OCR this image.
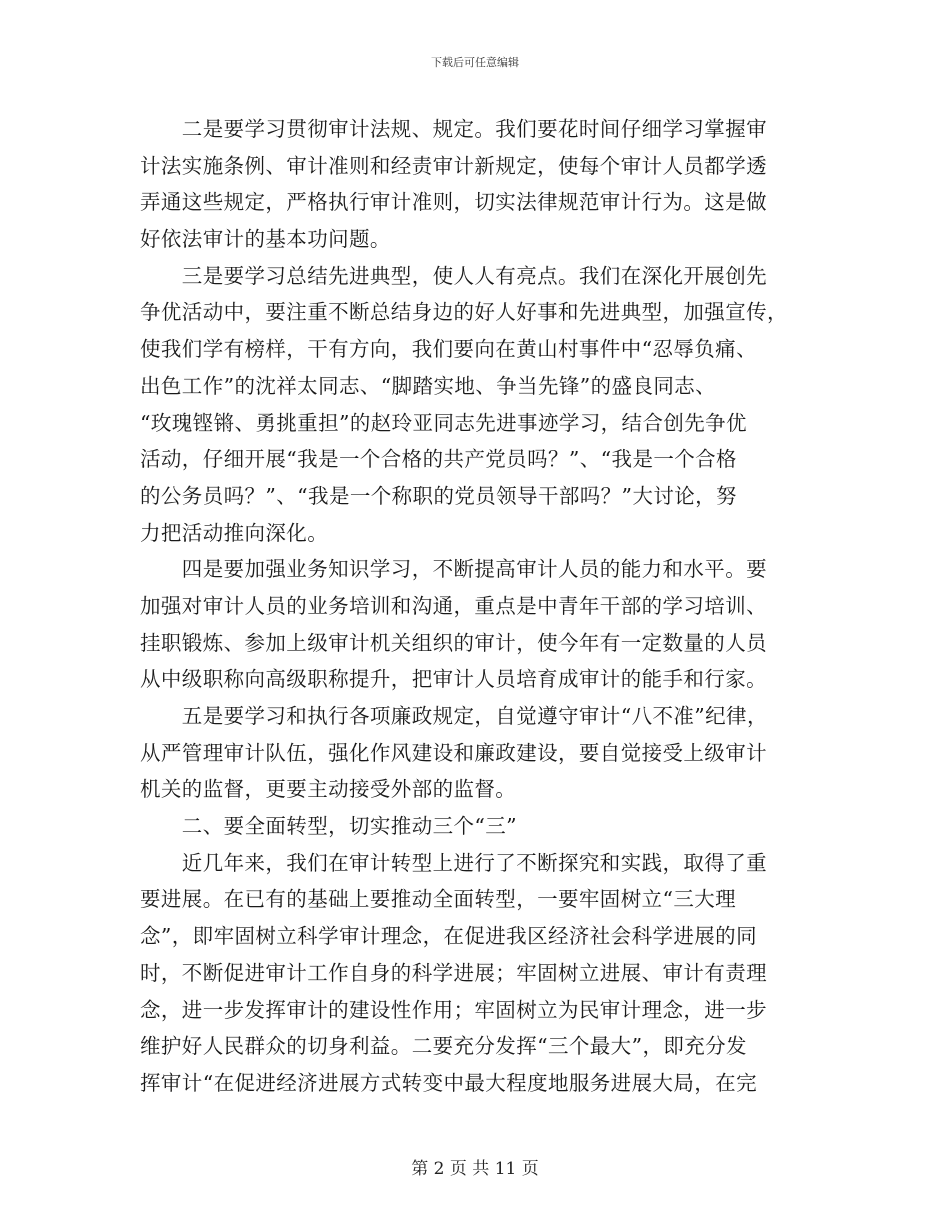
下载后可任意编辑
　　二是要学习贯彻审计法规、规定。我们要花时间仔细学习掌握审
计法实施条例、审计准则和经责审计新规定，使每个审计人员都学透
弄通这些规定，严格执行审计准则，切实法律规范审计行为。这是做
好依法审计的基本功问题。
　　三是要学习总结先进典型，使人人有亮点。我们在深化开展创先
争优活动中，要注重不断总结身边的好人好事和先进典型，加强宣传，
使我们学有榜样，干有方向，我们要向在黄山村事件中“忍辱负痛、
出色工作”的沈祥太同志、“脚踏实地、争当先锋”的盛良同志、
“玫瑰铿锵、勇挑重担”的赵玲亚同志先进事迹学习，结合创先争优
活动，仔细开展“我是一个合格的共产党员吗？”、“我是一个合格
的公务员吗？”、“我是一个称职的党员领导干部吗？”大讨论，努
力把活动推向深化。
　　四是要加强业务知识学习，不断提高审计人员的能力和水平。要
加强对审计人员的业务培训和沟通，重点是中青年干部的学习培训、
挂职锻炼、参加上级审计机关组织的审计，使今年有一定数量的人员
从中级职称向高级职称提升，把审计人员培育成审计的能手和行家。
　　五是要学习和执行各项廉政规定，自觉遵守审计“八不准”纪律，
从严管理审计队伍，强化作风建设和廉政建设，要自觉接受上级审计
机关的监督，更要主动接受外部的监督。
　　二、要全面转型，切实推动三个“三”
　　近几年来，我们在审计转型上进行了不断探究和实践，取得了重
要进展。在已有的基础上要推动全面转型，一要牢固树立“三大理
念”，即牢固树立科学审计理念，在促进我区经济社会科学进展的同
时，不断促进审计工作自身的科学进展；牢固树立进展、审计有责理
念，进一步发挥审计的建设性作用；牢固树立为民审计理念，进一步
维护好人民群众的切身利益。二要充分发挥“三个最大”，即充分发
挥审计“在促进经济进展方式转变中最大程度地服务进展大局，在完
第 2 页 共 11 页
